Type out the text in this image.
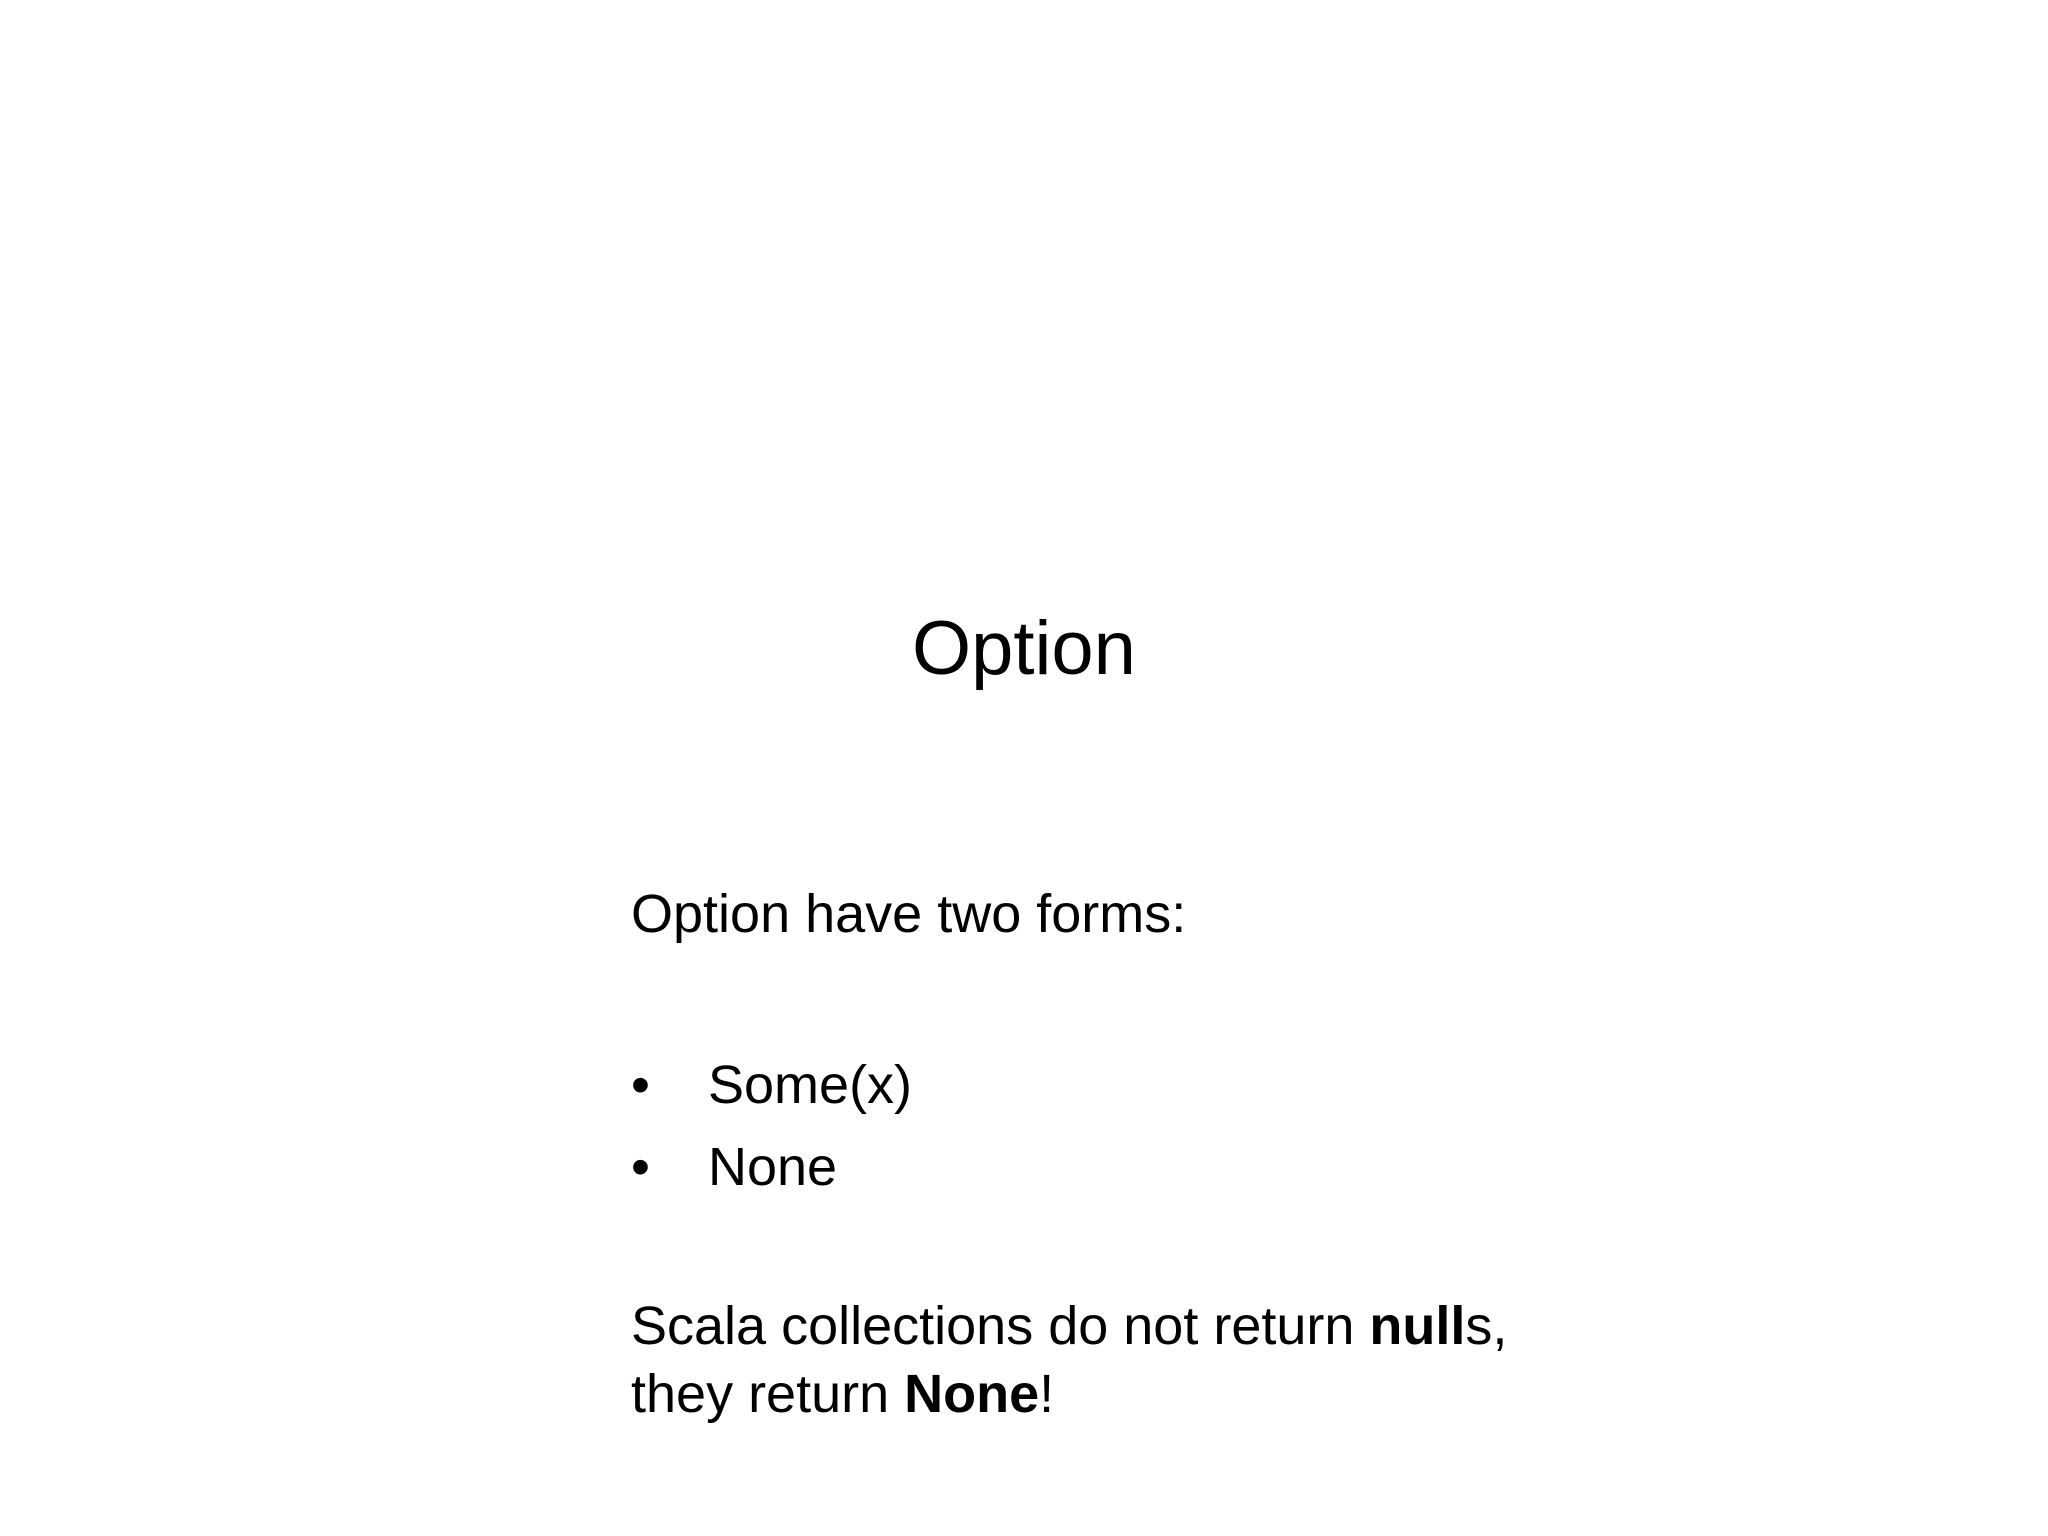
Option

Option have two forms:

• Some(x)
• None

Scala collections do not return nulls,
they return None!
